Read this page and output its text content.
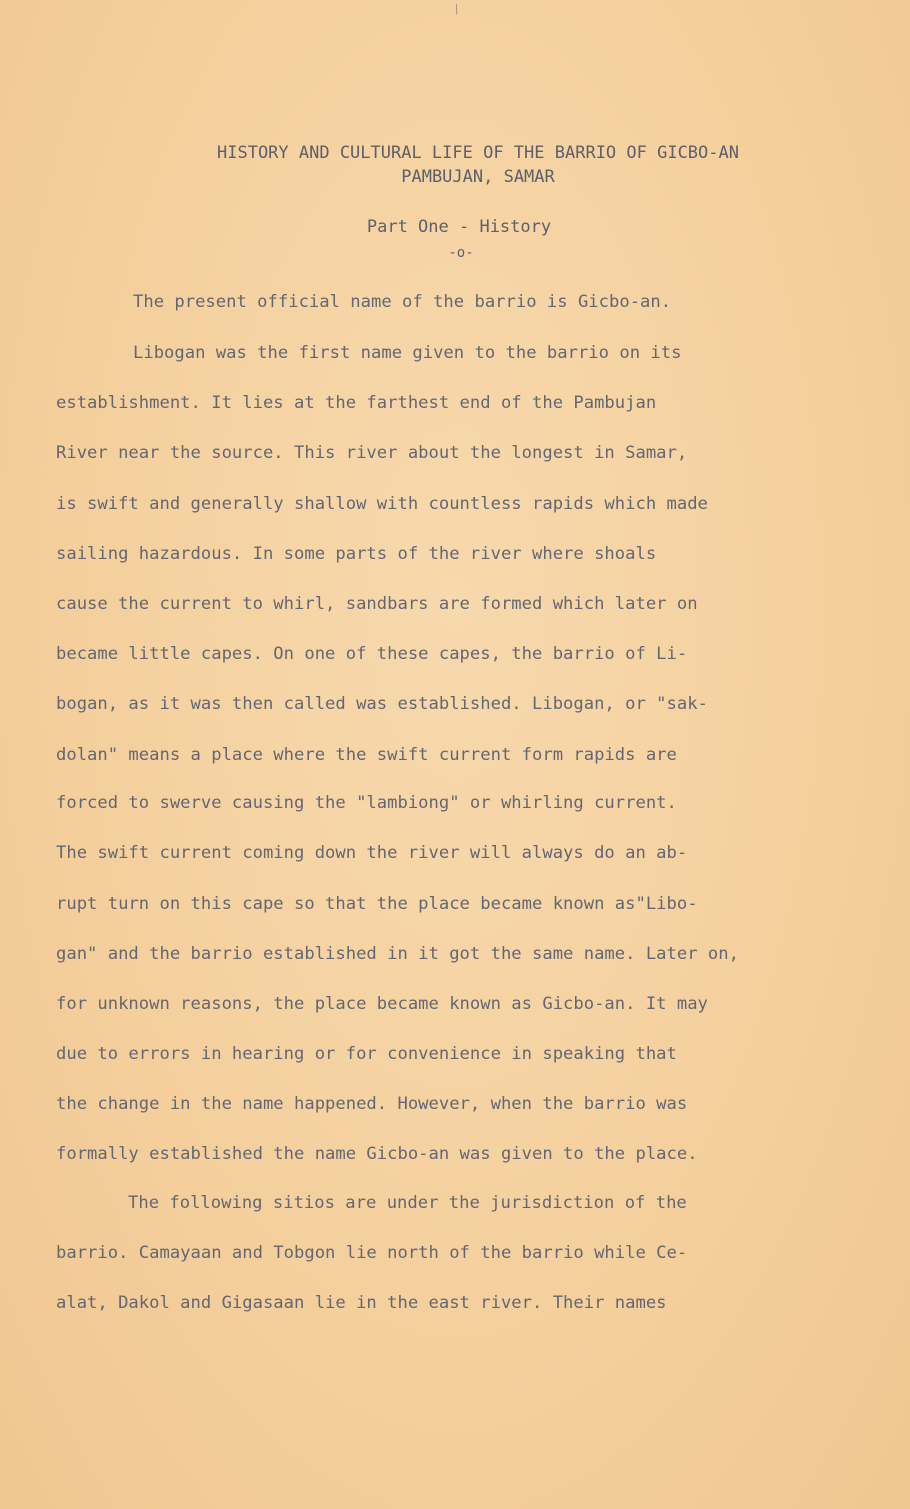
⁄
HISTORY AND CULTURAL LIFE OF THE BARRIO OF GICBO-AN
PAMBUJAN, SAMAR
Part One - History
-o-
The present official name of the barrio is Gicbo-an.
Libogan was the first name given to the barrio on its
establishment. It lies at the farthest end of the Pambujan
River near the source. This river about the longest in Samar,
is swift and generally shallow with countless rapids which made
sailing hazardous. In some parts of the river where shoals
cause the current to whirl, sandbars are formed which later on
became little capes. On one of these capes, the barrio of Li-
bogan, as it was then called was established. Libogan, or "sak-
dolan" means a place where the swift current form rapids are
forced to swerve causing the "lambiong" or whirling current.
The swift current coming down the river will always do an ab-
rupt turn on this cape so that the place became known as"Libo-
gan" and the barrio established in it got the same name. Later on,
for unknown reasons, the place became known as Gicbo-an. It may
due to errors in hearing or for convenience in speaking that
the change in the name happened. However, when the barrio was
formally established the name Gicbo-an was given to the place.
The following sitios are under the jurisdiction of the
barrio. Camayaan and Tobgon lie north of the barrio while Ce-
alat, Dakol and Gigasaan lie in the east river. Their names
